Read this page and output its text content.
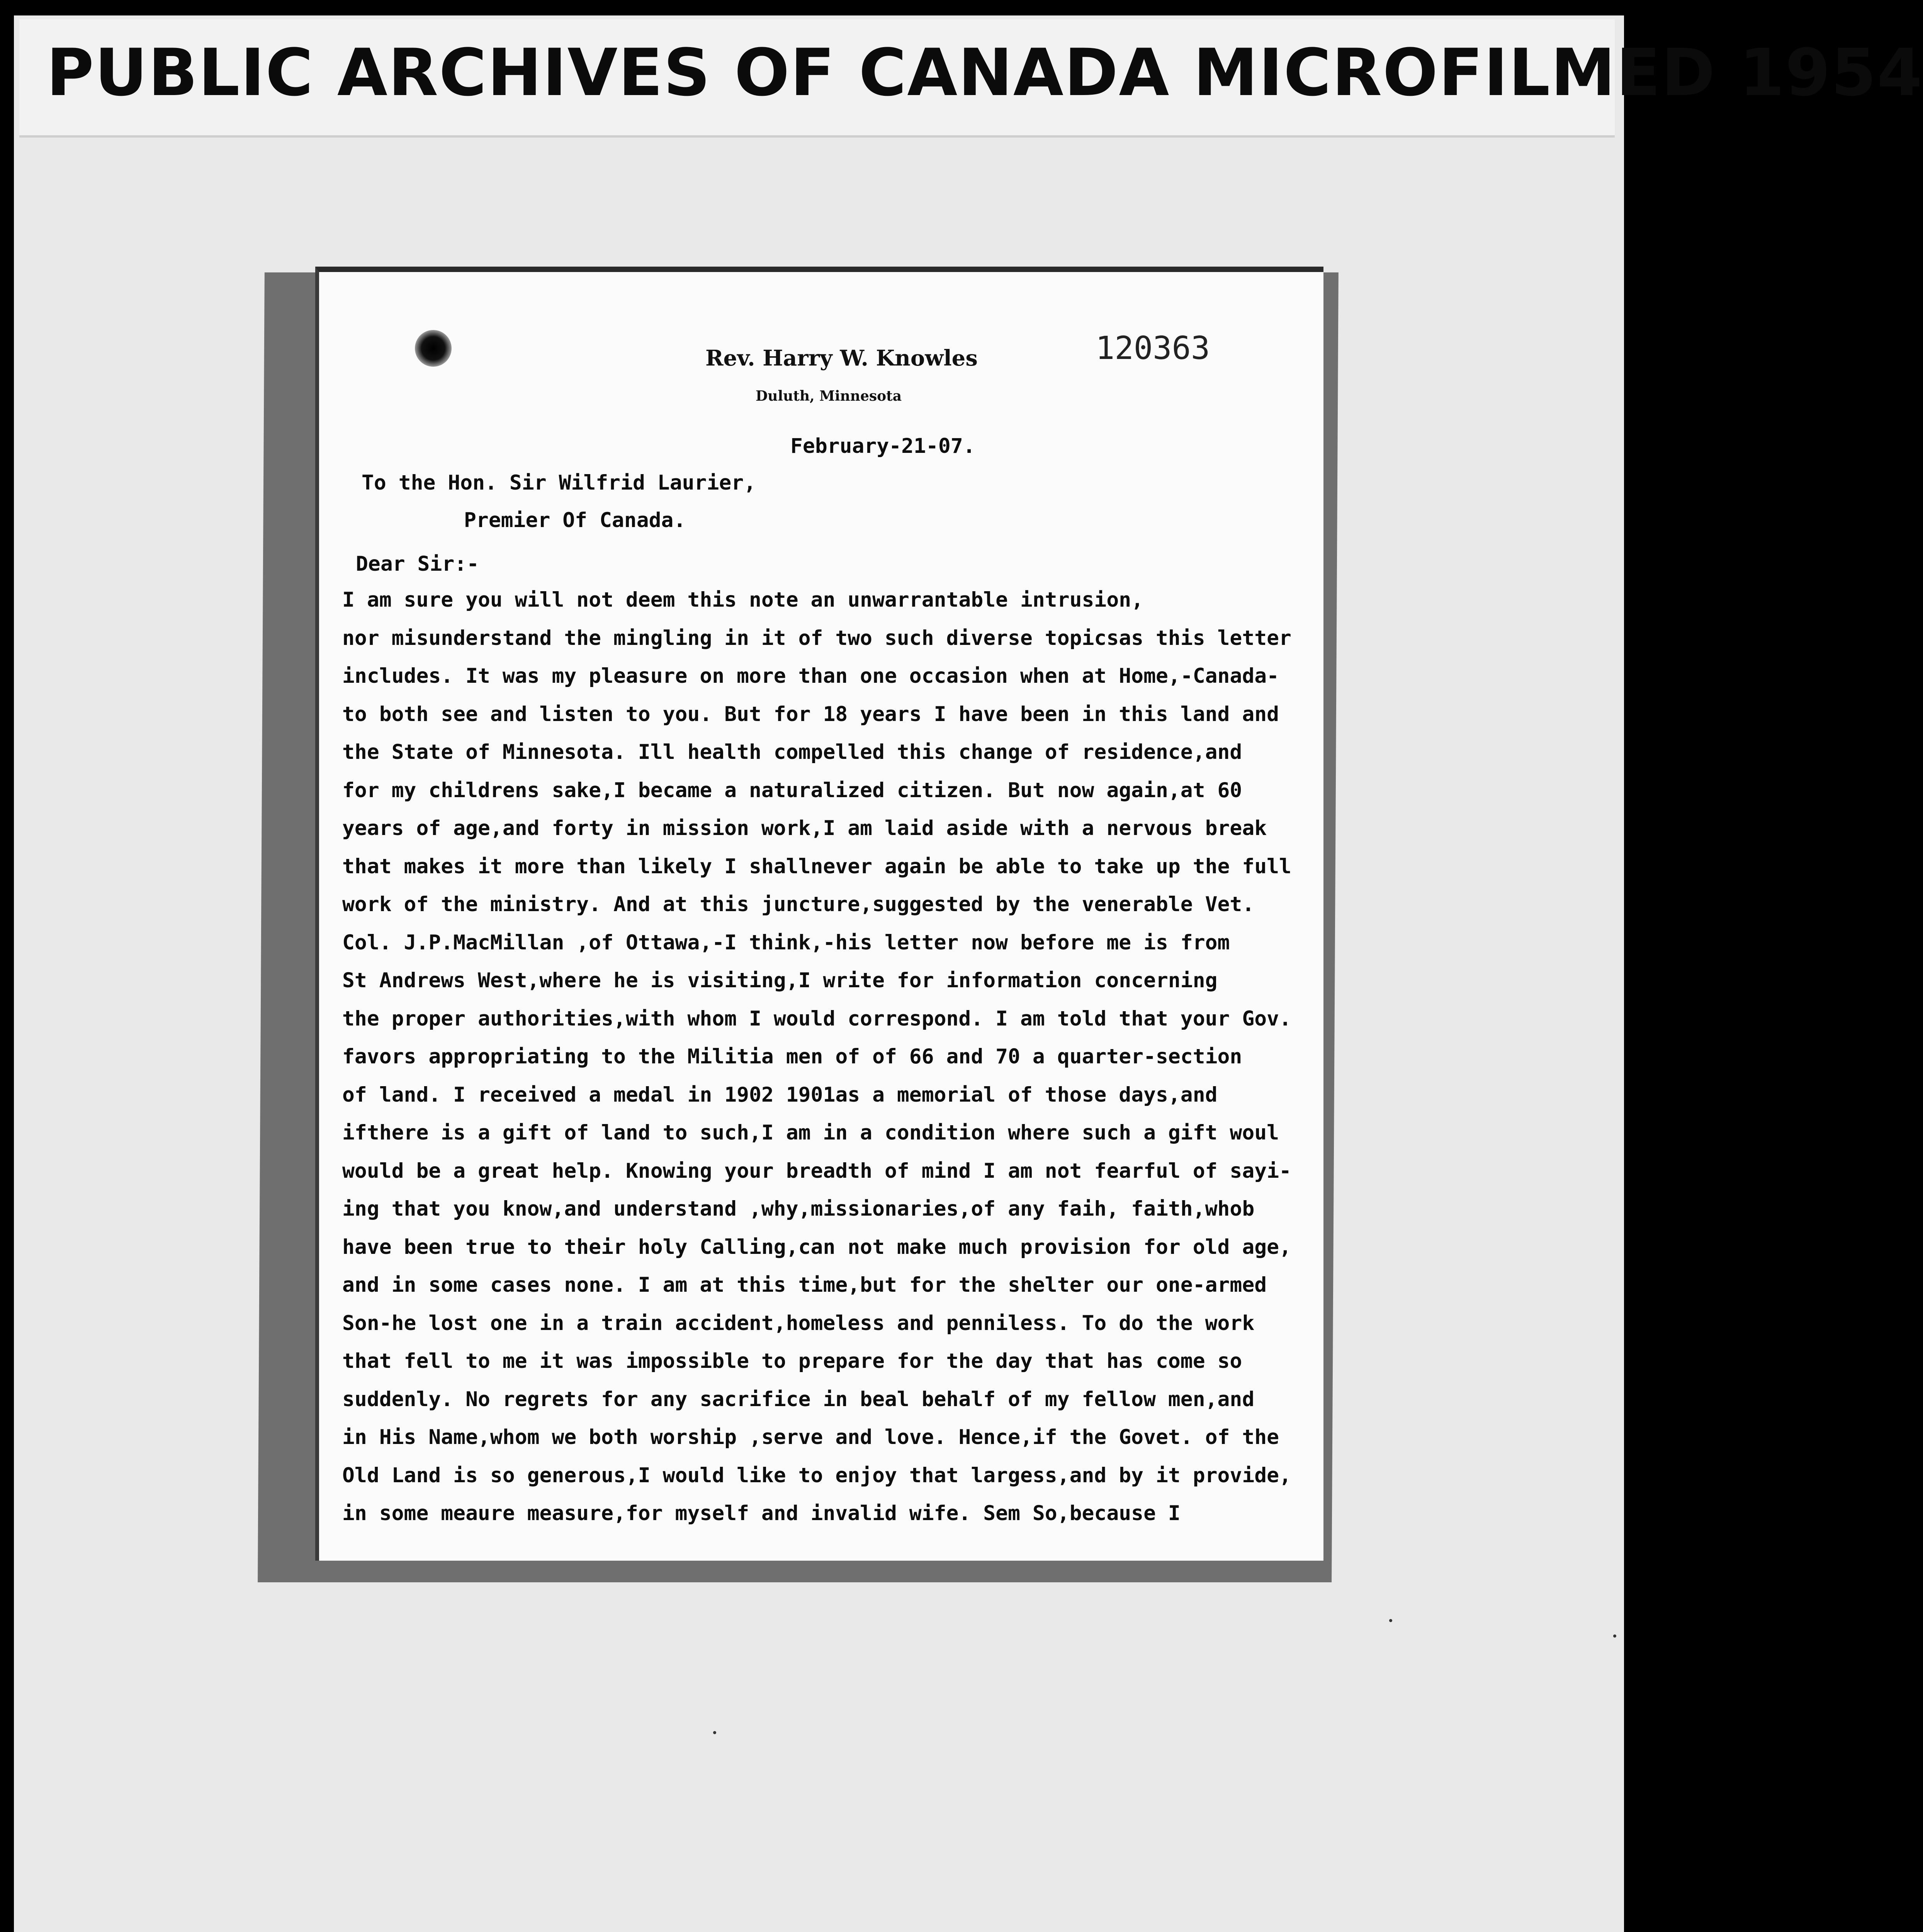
PUBLIC ARCHIVES OF CANADA MICROFILMED 1954
Rev. Harry W. Knowles
Duluth, Minnesota
120363
February-21-07.
To the Hon. Sir Wilfrid Laurier,
Premier Of Canada.
Dear Sir:-
I am sure you will not deem this note an unwarrantable intrusion,
nor misunderstand the mingling in it of two such diverse topicsas this letter
includes. It was my pleasure on more than one occasion when at Home,-Canada-
to both see and listen to you. But for 18 years I have been in this land and
the State of Minnesota. Ill health compelled this change of residence,and
for my childrens sake,I became a naturalized citizen. But now again,at 60
years of age,and forty in mission work,I am laid aside with a nervous break
that makes it more than likely I shallnever again be able to take up the full
work of the ministry. And at this juncture,suggested by the venerable Vet.
Col. J.P.MacMillan ,of Ottawa,-I think,-his letter now before me is from
St Andrews West,where he is visiting,I write for information concerning
the proper authorities,with whom I would correspond. I am told that your Gov.
favors appropriating to the Militia men of of 66 and 70 a quarter-section
of land. I received a medal in 1902 1901as a memorial of those days,and
ifthere is a gift of land to such,I am in a condition where such a gift woul
would be a great help. Knowing your breadth of mind I am not fearful of sayi-
ing that you know,and understand ,why,missionaries,of any faih, faith,whob
have been true to their holy Calling,can not make much provision for old age,
and in some cases none. I am at this time,but for the shelter our one-armed
Son-he lost one in a train accident,homeless and penniless. To do the work
that fell to me it was impossible to prepare for the day that has come so
suddenly. No regrets for any sacrifice in beal behalf of my fellow men,and
in His Name,whom we both worship ,serve and love. Hence,if the Govet. of the
Old Land is so generous,I would like to enjoy that largess,and by it provide,
in some meaure measure,for myself and invalid wife. Sem So,because I
